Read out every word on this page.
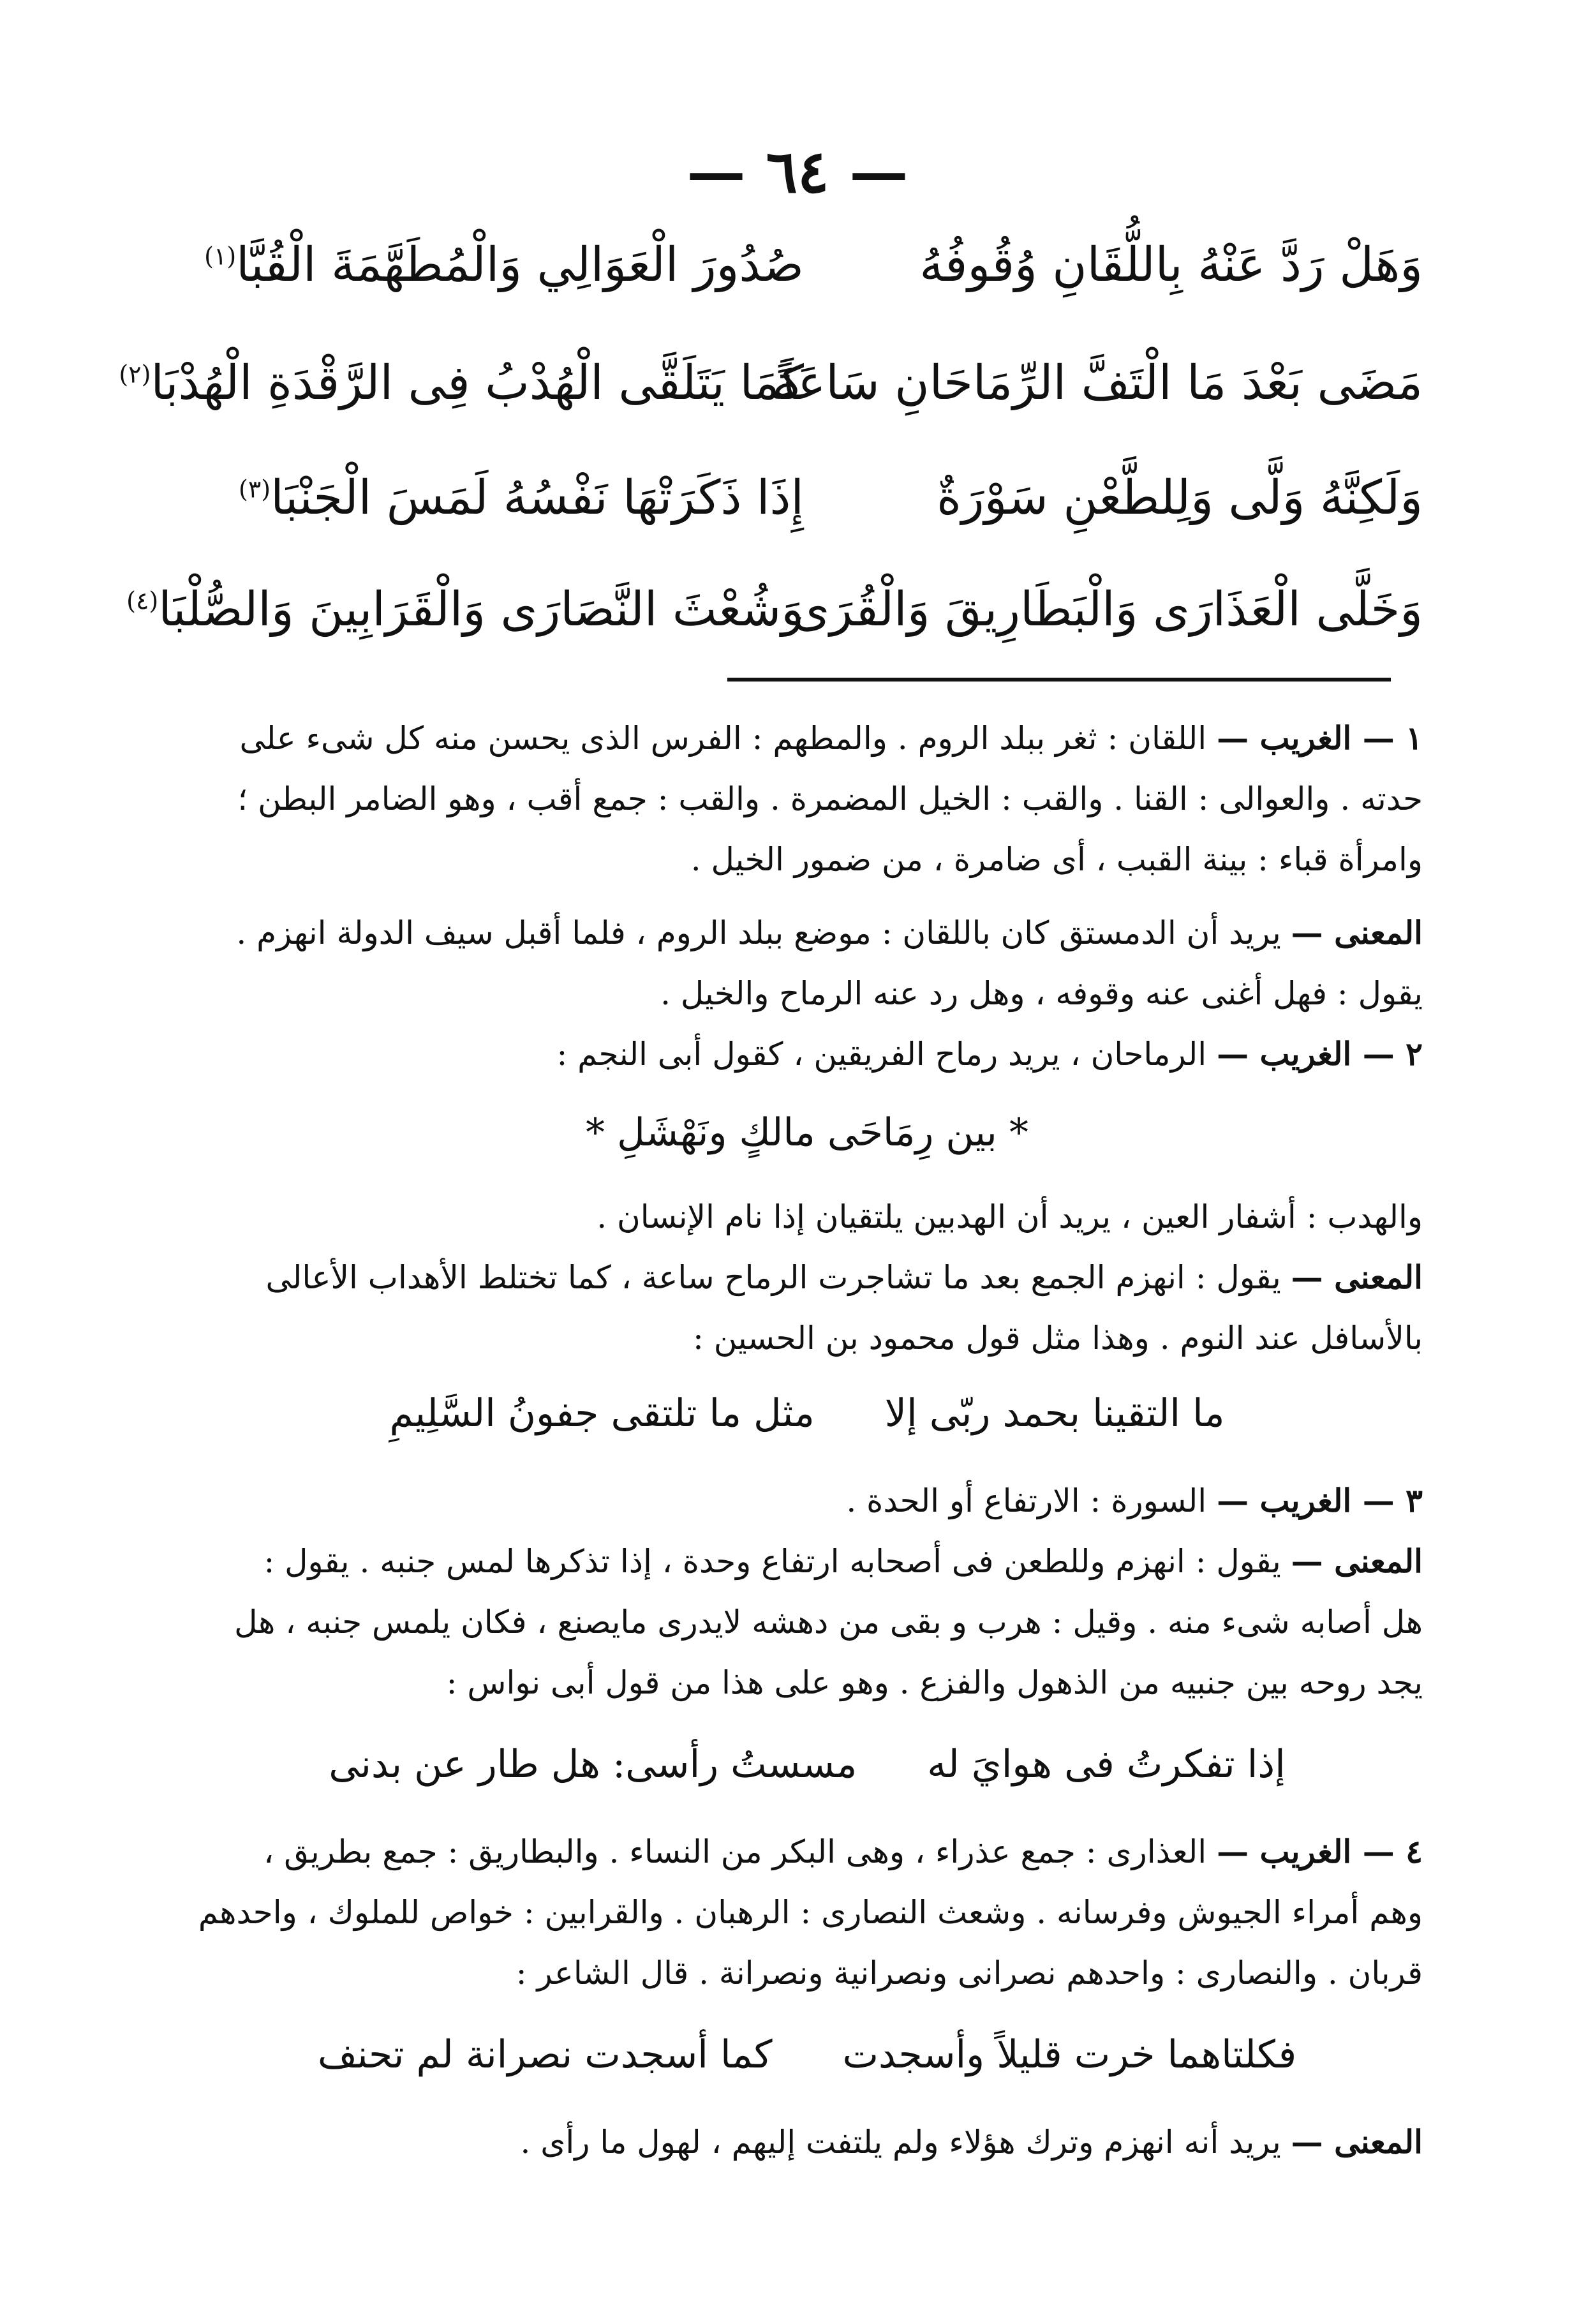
— ٦٤ —
وَهَلْ رَدَّ عَنْهُ بِاللُّقَانِ وُقُوفُهُ
صُدُورَ الْعَوَالِي وَالْمُطَهَّمَةَ الْقُبَّا$^{(١)}$
مَضَى بَعْدَ مَا الْتَفَّ الرِّمَاحَانِ سَاعَةً
كَمَا يَتَلَقَّى الْهُدْبُ فِى الرَّقْدَةِ الْهُدْبَا$^{(٢)}$
وَلَكِنَّهُ وَلَّى وَلِلطَّعْنِ سَوْرَةٌ
إِذَا ذَكَرَتْهَا نَفْسُهُ لَمَسَ الْجَنْبَا$^{(٣)}$
وَخَلَّى الْعَذَارَى وَالْبَطَارِيقَ وَالْقُرَى
وَشُعْثَ النَّصَارَى وَالْقَرَابِينَ وَالصُّلْبَا$^{(٤)}$
١ — الغريب — اللقان : ثغر ببلد الروم . والمطهم : الفرس الذى يحسن منه كل شىء على
حدته . والعوالى : القنا . والقب : الخيل المضمرة . والقب : جمع أقب ، وهو الضامر البطن ؛
وامرأة قباء : بينة القبب ، أى ضامرة ، من ضمور الخيل .
المعنى — يريد أن الدمستق كان باللقان : موضع ببلد الروم ، فلما أقبل سيف الدولة انهزم .
يقول : فهل أغنى عنه وقوفه ، وهل رد عنه الرماح والخيل .
٢ — الغريب — الرماحان ، يريد رماح الفريقين ، كقول أبى النجم :
* بين رِمَاحَى مالكٍ ونَهْشَلِ *
والهدب : أشفار العين ، يريد أن الهدبين يلتقيان إذا نام الإنسان .
المعنى — يقول : انهزم الجمع بعد ما تشاجرت الرماح ساعة ، كما تختلط الأهداب الأعالى
بالأسافل عند النوم . وهذا مثل قول محمود بن الحسين :
ما التقينا بحمد ربّى إلامثل ما تلتقى جفونُ السَّلِيمِ
٣ — الغريب — السورة : الارتفاع أو الحدة .
المعنى — يقول : انهزم وللطعن فى أصحابه ارتفاع وحدة ، إذا تذكرها لمس جنبه . يقول :
هل أصابه شىء منه . وقيل : هرب و بقى من دهشه لايدرى مايصنع ، فكان يلمس جنبه ، هل
يجد روحه بين جنبيه من الذهول والفزع . وهو على هذا من قول أبى نواس :
إذا تفكرتُ فى هوايَ لهمسستُ رأسى: هل طار عن بدنى
٤ — الغريب — العذارى : جمع عذراء ، وهى البكر من النساء . والبطاريق : جمع بطريق ،
وهم أمراء الجيوش وفرسانه . وشعث النصارى : الرهبان . والقرابين : خواص للملوك ، واحدهم
قربان . والنصارى : واحدهم نصرانى ونصرانية ونصرانة . قال الشاعر :
فكلتاهما خرت قليلاً وأسجدتكما أسجدت نصرانة لم تحنف
المعنى — يريد أنه انهزم وترك هؤلاء ولم يلتفت إليهم ، لهول ما رأى .
